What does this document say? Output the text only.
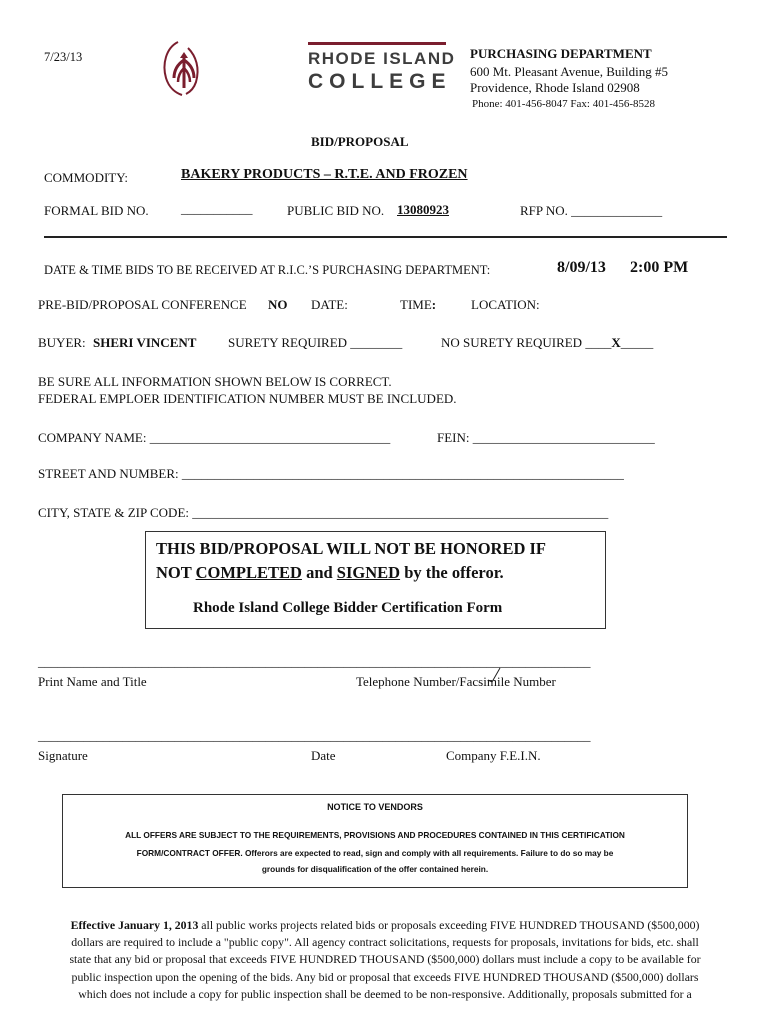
7/23/13	RHODE ISLAND
COLLEGE
PURCHASING DEPARTMENT
600 Mt. Pleasant Avenue, Building #5
Providence, Rhode Island 02908
Phone: 401-456-8047 Fax: 401-456-8528
BID/PROPOSAL
COMMODITY:	BAKERY PRODUCTS – R.T.E. AND FROZEN
FORMAL BID NO. ___________	PUBLIC BID NO. 13080923	RFP NO. ______________
DATE & TIME BIDS TO BE RECEIVED AT R.I.C.’S PURCHASING DEPARTMENT:	8/09/13 2:00 PM
PRE-BID/PROPOSAL CONFERENCE NO DATE:	TIME:	LOCATION:
BUYER: SHERI VINCENT SURETY REQUIRED ________	NO SURETY REQUIRED ____X_____
BE SURE ALL INFORMATION SHOWN BELOW IS CORRECT.
FEDERAL EMPLOER IDENTIFICATION NUMBER MUST BE INCLUDED.
COMPANY NAME: _____________________________________	FEIN: ____________________________
STREET AND NUMBER: ____________________________________________________________________
CITY, STATE & ZIP CODE: ________________________________________________________________
THIS BID/PROPOSAL WILL NOT BE HONORED IF
NOT COMPLETED and SIGNED by the offeror.
Rhode Island College Bidder Certification Form
_____________________________________________________________________________________
Print Name and Title	Telephone Number/Facsimile Number
_____________________________________________________________________________________
Signature	Date	Company F.E.I.N.
NOTICE TO VENDORS
ALL OFFERS ARE SUBJECT TO THE REQUIREMENTS, PROVISIONS AND PROCEDURES CONTAINED IN THIS CERTIFICATION
FORM/CONTRACT OFFER. Offerors are expected to read, sign and comply with all requirements. Failure to do so may be
grounds for disqualification of the offer contained herein.
Effective January 1, 2013 all public works projects related bids or proposals exceeding FIVE HUNDRED THOUSAND ($500,000)
dollars are required to include a "public copy". All agency contract solicitations, requests for proposals, invitations for bids, etc. shall
state that any bid or proposal that exceeds FIVE HUNDRED THOUSAND ($500,000) dollars must include a copy to be available for
public inspection upon the opening of the bids. Any bid or proposal that exceeds FIVE HUNDRED THOUSAND ($500,000) dollars
which does not include a copy for public inspection shall be deemed to be non-responsive. Additionally, proposals submitted for a
